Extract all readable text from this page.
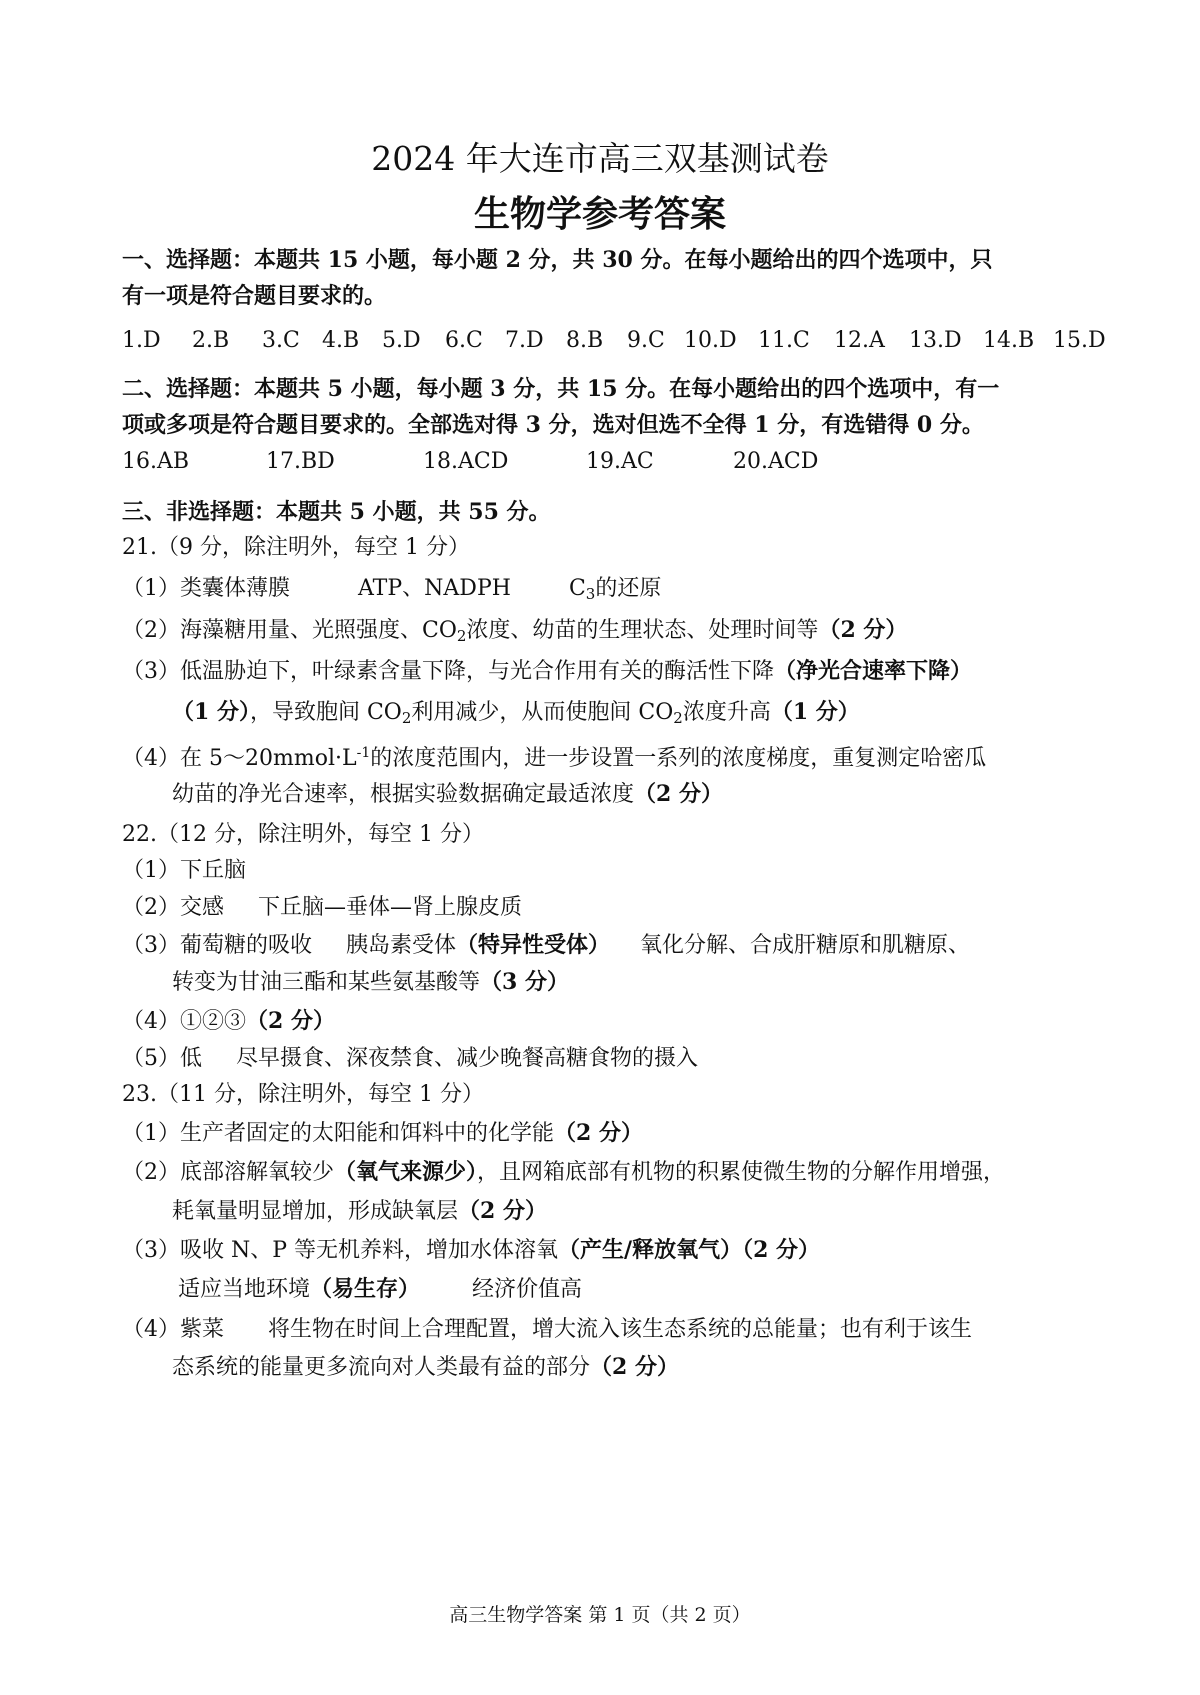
2024 年大连市高三双基测试卷
生物学参考答案
一、选择题：本题共 15 小题，每小题 2 分，共 30 分。在每小题给出的四个选项中，只
有一项是符合题目要求的。
1.D 2.B 3.C 4.B 5.D 6.C 7.D 8.B 9.C 10.D 11.C 12.A 13.D 14.B 15.D
二、选择题：本题共 5 小题，每小题 3 分，共 15 分。在每小题给出的四个选项中，有一
项或多项是符合题目要求的。全部选对得 3 分，选对但选不全得 1 分，有选错得 0 分。
16.AB	17.BD	18.ACD	19.AC	20.ACD
三、非选择题：本题共 5 小题，共 55 分。
21.（9 分，除注明外，每空 1 分）
（1）类囊体薄膜	ATP、NADPH	$C_3$的还原
（2）海藻糖用量、光照强度、$CO_2$浓度、幼苗的生理状态、处理时间等（2 分）
（3）低温胁迫下，叶绿素含量下降，与光合作用有关的酶活性下降（净光合速率下降）
（1 分），导致胞间 $CO_2$利用减少，从而使胞间 $CO_2$浓度升高（1 分）
（4）在 $5\sim 20mmol\cdot L^{-1}$的浓度范围内，进一步设置一系列的浓度梯度，重复测定哈密瓜
幼苗的净光合速率，根据实验数据确定最适浓度（2 分）
22.（12 分，除注明外，每空 1 分）
（1）下丘脑
（2）交感 下丘脑—垂体—肾上腺皮质
（3）葡萄糖的吸收 胰岛素受体（特异性受体） 氧化分解、合成肝糖原和肌糖原、
转变为甘油三酯和某些氨基酸等（3 分）
（4）①②③（2 分）
（5）低 尽早摄食、深夜禁食、减少晚餐高糖食物的摄入
23.（11 分，除注明外，每空 1 分）
（1）生产者固定的太阳能和饵料中的化学能（2 分）
（2）底部溶解氧较少（氧气来源少），且网箱底部有机物的积累使微生物的分解作用增强，
耗氧量明显增加，形成缺氧层（2 分）
（3）吸收 N、P 等无机养料，增加水体溶氧（产生/释放氧气）（2 分）
适应当地环境（易生存） 经济价值高
（4）紫菜 将生物在时间上合理配置，增大流入该生态系统的总能量；也有利于该生
态系统的能量更多流向对人类最有益的部分（2 分）
高三生物学答案 第 1 页（共 2 页）
